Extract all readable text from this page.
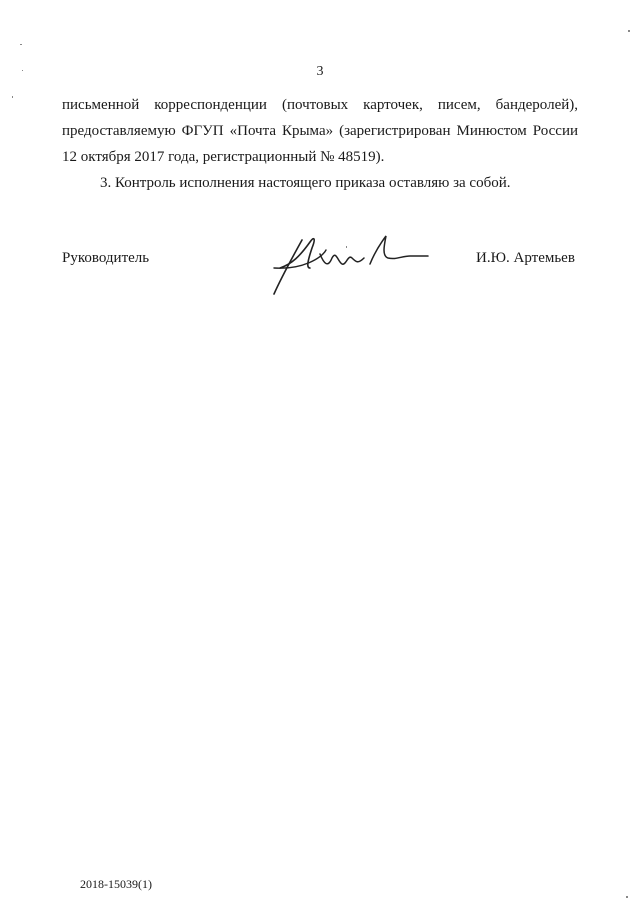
3
письменной корреспонденции (почтовых карточек, писем, бандеролей),
предоставляемую ФГУП «Почта Крыма» (зарегистрирован Минюстом России
12 октября 2017 года, регистрационный № 48519).
3. Контроль исполнения настоящего приказа оставляю за собой.
Руководитель	И.Ю. Артемьев
2018-15039(1)
